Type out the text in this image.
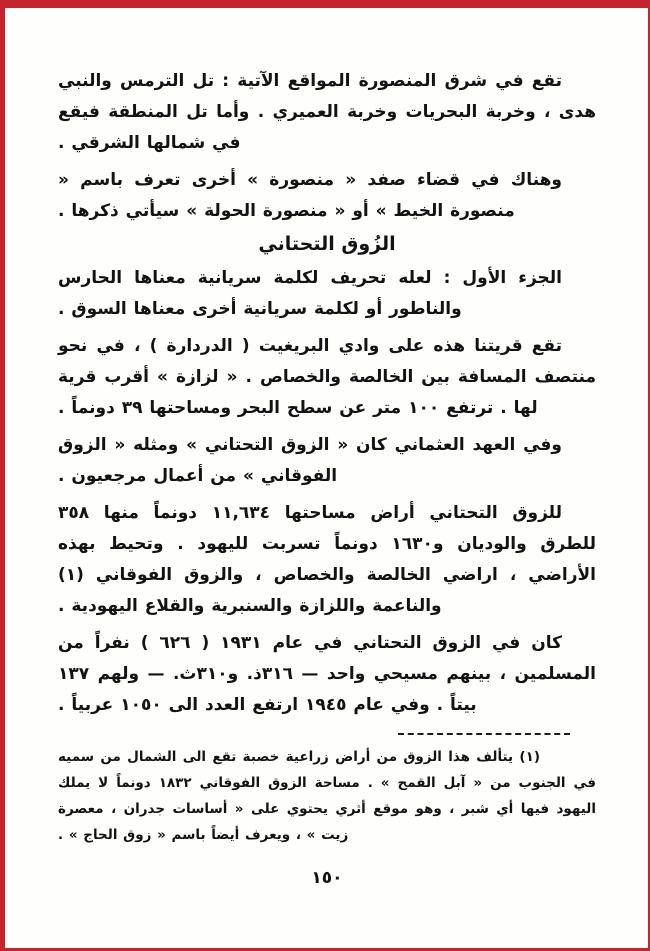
تقع في شرق المنصورة المواقع الآتية : تل الترمس والنبي هدى ، وخربة البحريات وخربة العميري . وأما تل المنطقة فيقع في شمالها الشرقي .

وهناك في قضاء صفد « منصورة » أخرى تعرف باسم « منصورة الخيط » أو « منصورة الحولة » سيأتي ذكرها .

الزُوق التحتاني

الجزء الأول : لعله تحريف لكلمة سريانية معناها الحارس والناطور أو لكلمة سريانية أخرى معناها السوق .

تقع قريتنا هذه على وادي البريغيت ( الدردارة ) ، في نحو منتصف المسافة بين الخالصة والخصاص . « لزازة » أقرب قرية لها . ترتفع ١٠٠ متر عن سطح البحر ومساحتها ٣٩ دونماً .

وفي العهد العثماني كان « الزوق التحتاني » ومثله « الزوق الفوقاني » من أعمال مرجعيون .

للزوق التحتاني أراض مساحتها ١١,٦٣٤ دونماً منها ٣٥٨ للطرق والوديان و١٦٣٠ دونماً تسربت لليهود . وتحيط بهذه الأراضي ، اراضي الخالصة والخصاص ، والزوق الفوقاني (١) والناعمة واللزازة والسنبرية والقلاع اليهودية .

كان في الزوق التحتاني في عام ١٩٣١ ( ٦٢٦ ) نفراً من المسلمين ، بينهم مسيحي واحد — ٣١٦ذ. و٣١٠ث. — ولهم ١٣٧ بيتاً . وفي عام ١٩٤٥ ارتفع العدد الى ١٠٥٠ عربياً .

(١) يتألف هذا الزوق من أراض زراعية خصبة تقع الى الشمال من سميه في الجنوب من « آبل القمح » . مساحة الزوق الفوقاني ١٨٣٢ دونماً لا يملك اليهود فيها أي شبر ، وهو موقع أثري يحتوي على « أساسات جدران ، معصرة زيت » ، ويعرف أيضاً باسم « زوق الحاج » .

١٥٠
